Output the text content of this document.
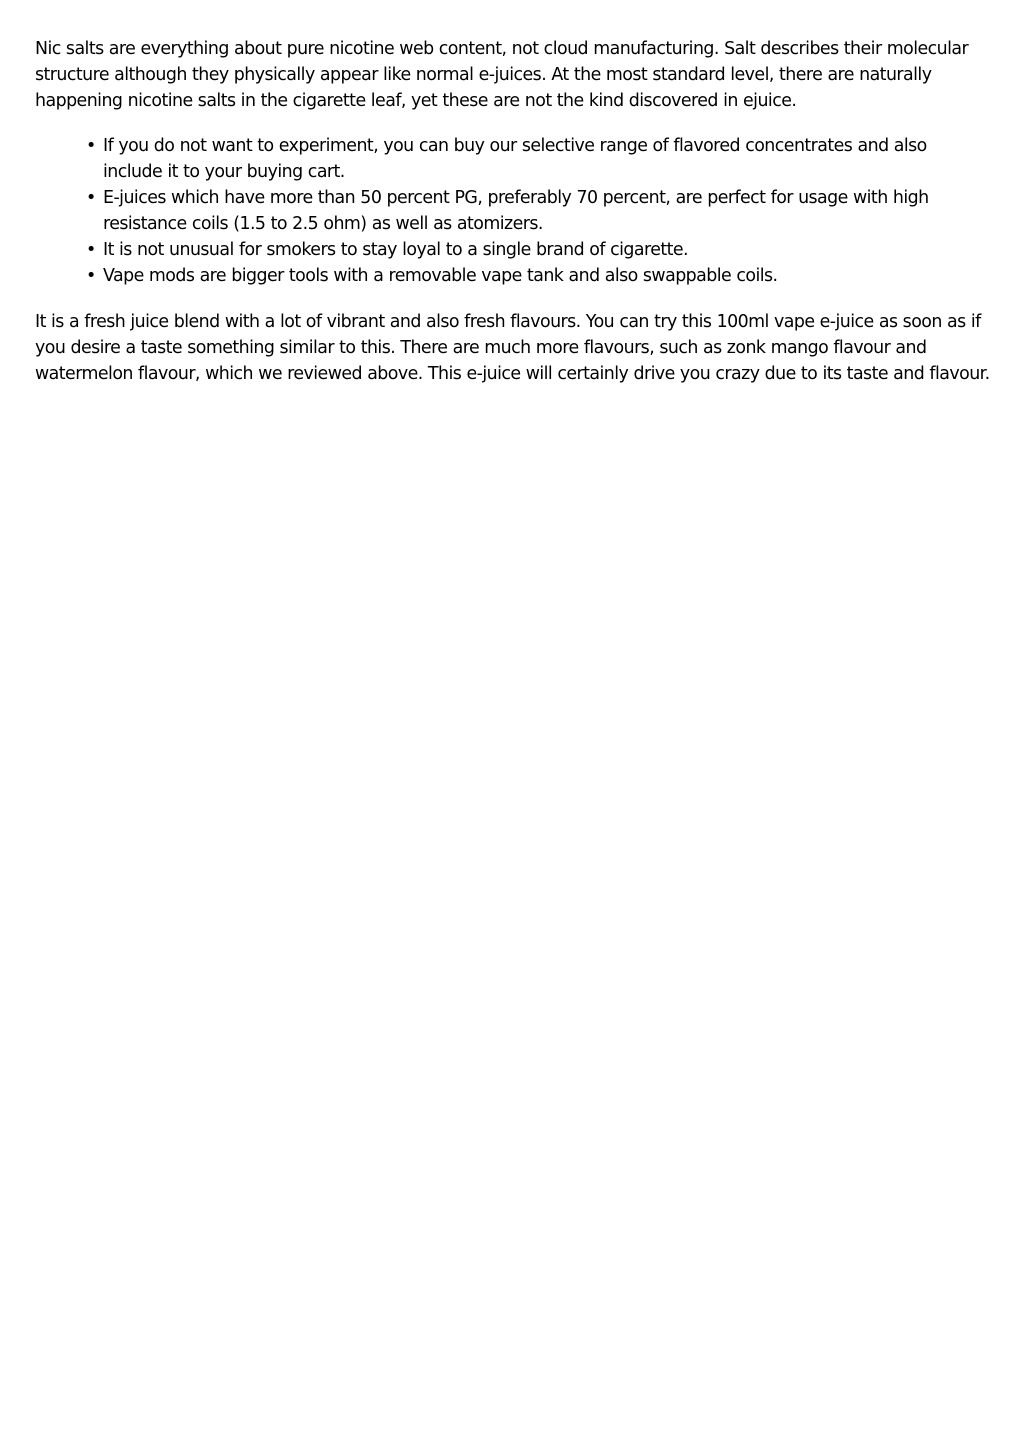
Nic salts are everything about pure nicotine web content, not cloud manufacturing. Salt describes their molecular structure although they physically appear like normal e-juices. At the most standard level, there are naturally happening nicotine salts in the cigarette leaf, yet these are not the kind discovered in ejuice.

• If you do not want to experiment, you can buy our selective range of flavored concentrates and also include it to your buying cart.
• E-juices which have more than 50 percent PG, preferably 70 percent, are perfect for usage with high resistance coils (1.5 to 2.5 ohm) as well as atomizers.
• It is not unusual for smokers to stay loyal to a single brand of cigarette.
• Vape mods are bigger tools with a removable vape tank and also swappable coils.

It is a fresh juice blend with a lot of vibrant and also fresh flavours. You can try this 100ml vape e-juice as soon as if you desire a taste something similar to this. There are much more flavours, such as zonk mango flavour and watermelon flavour, which we reviewed above. This e-juice will certainly drive you crazy due to its taste and flavour.
